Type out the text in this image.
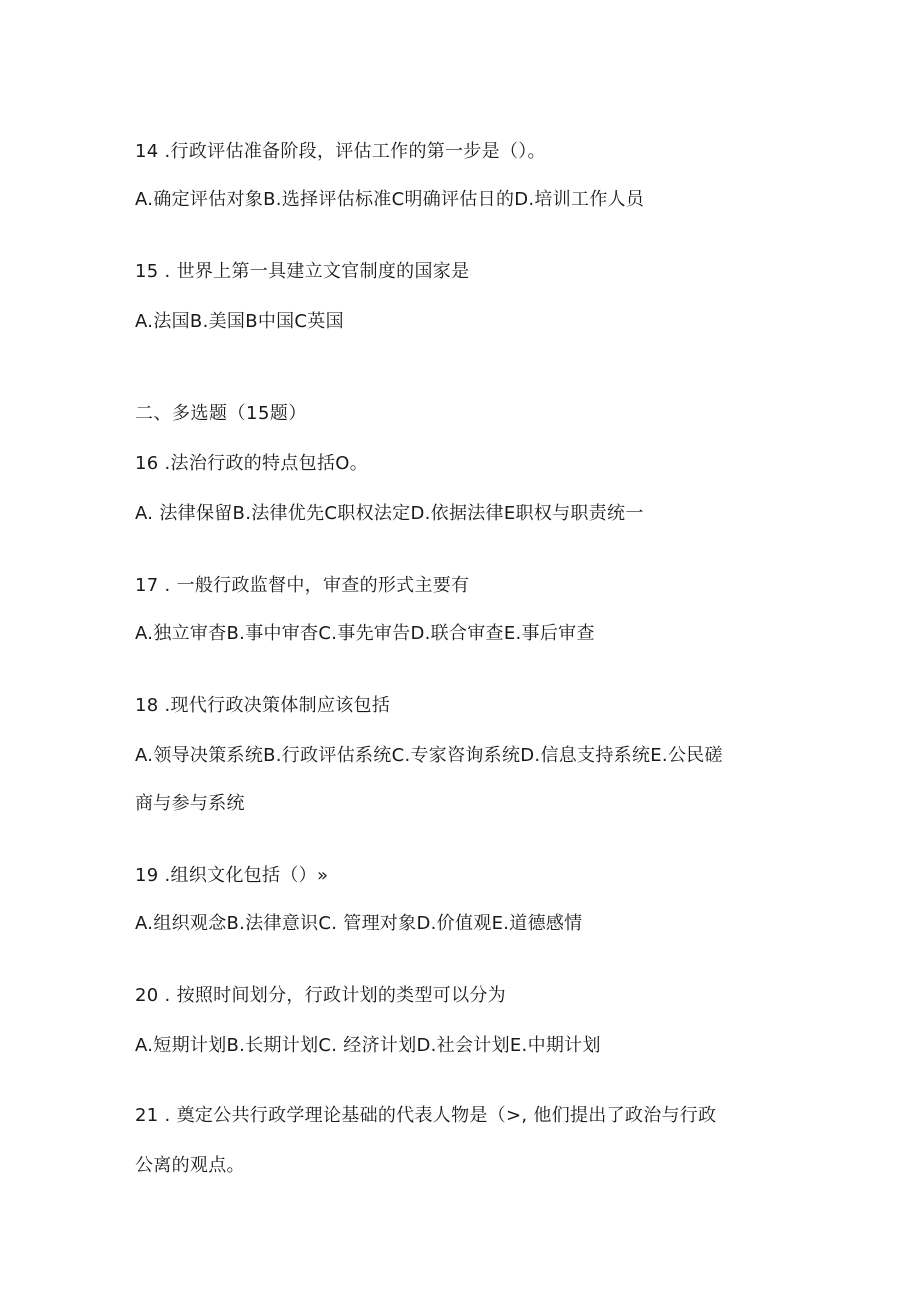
14 .行政评估准备阶段，评估工作的第一步是（）。
A.确定评估对象B.选择评估标准C明确评估日的D.培训工作人员
15 . 世界上第一具建立文官制度的国家是
A.法国B.美国B中国C英国
二、多选题（15题）
16 .法治行政的特点包括O。
A. 法律保留B.法律优先C职权法定D.依据法律E职权与职责统一
17 . 一般行政监督中，审查的形式主要有
A.独立审杳B.事中审杳C.事先审告D.联合审查E.事后审查
18 .现代行政决策体制应该包括
A.领导决策系统B.行政评估系统C.专家咨询系统D.信息支持系统E.公民磋
商与参与系统
19 .组织文化包括（）»
A.组织观念B.法律意识C. 管理对象D.价值观E.道德感情
20 . 按照时间划分，行政计划的类型可以分为
A.短期计划B.长期计划C. 经济计划D.社会计划E.中期计划
21 . 奠定公共行政学理论基础的代表人物是（>, 他们提出了政治与行政
公离的观点。
